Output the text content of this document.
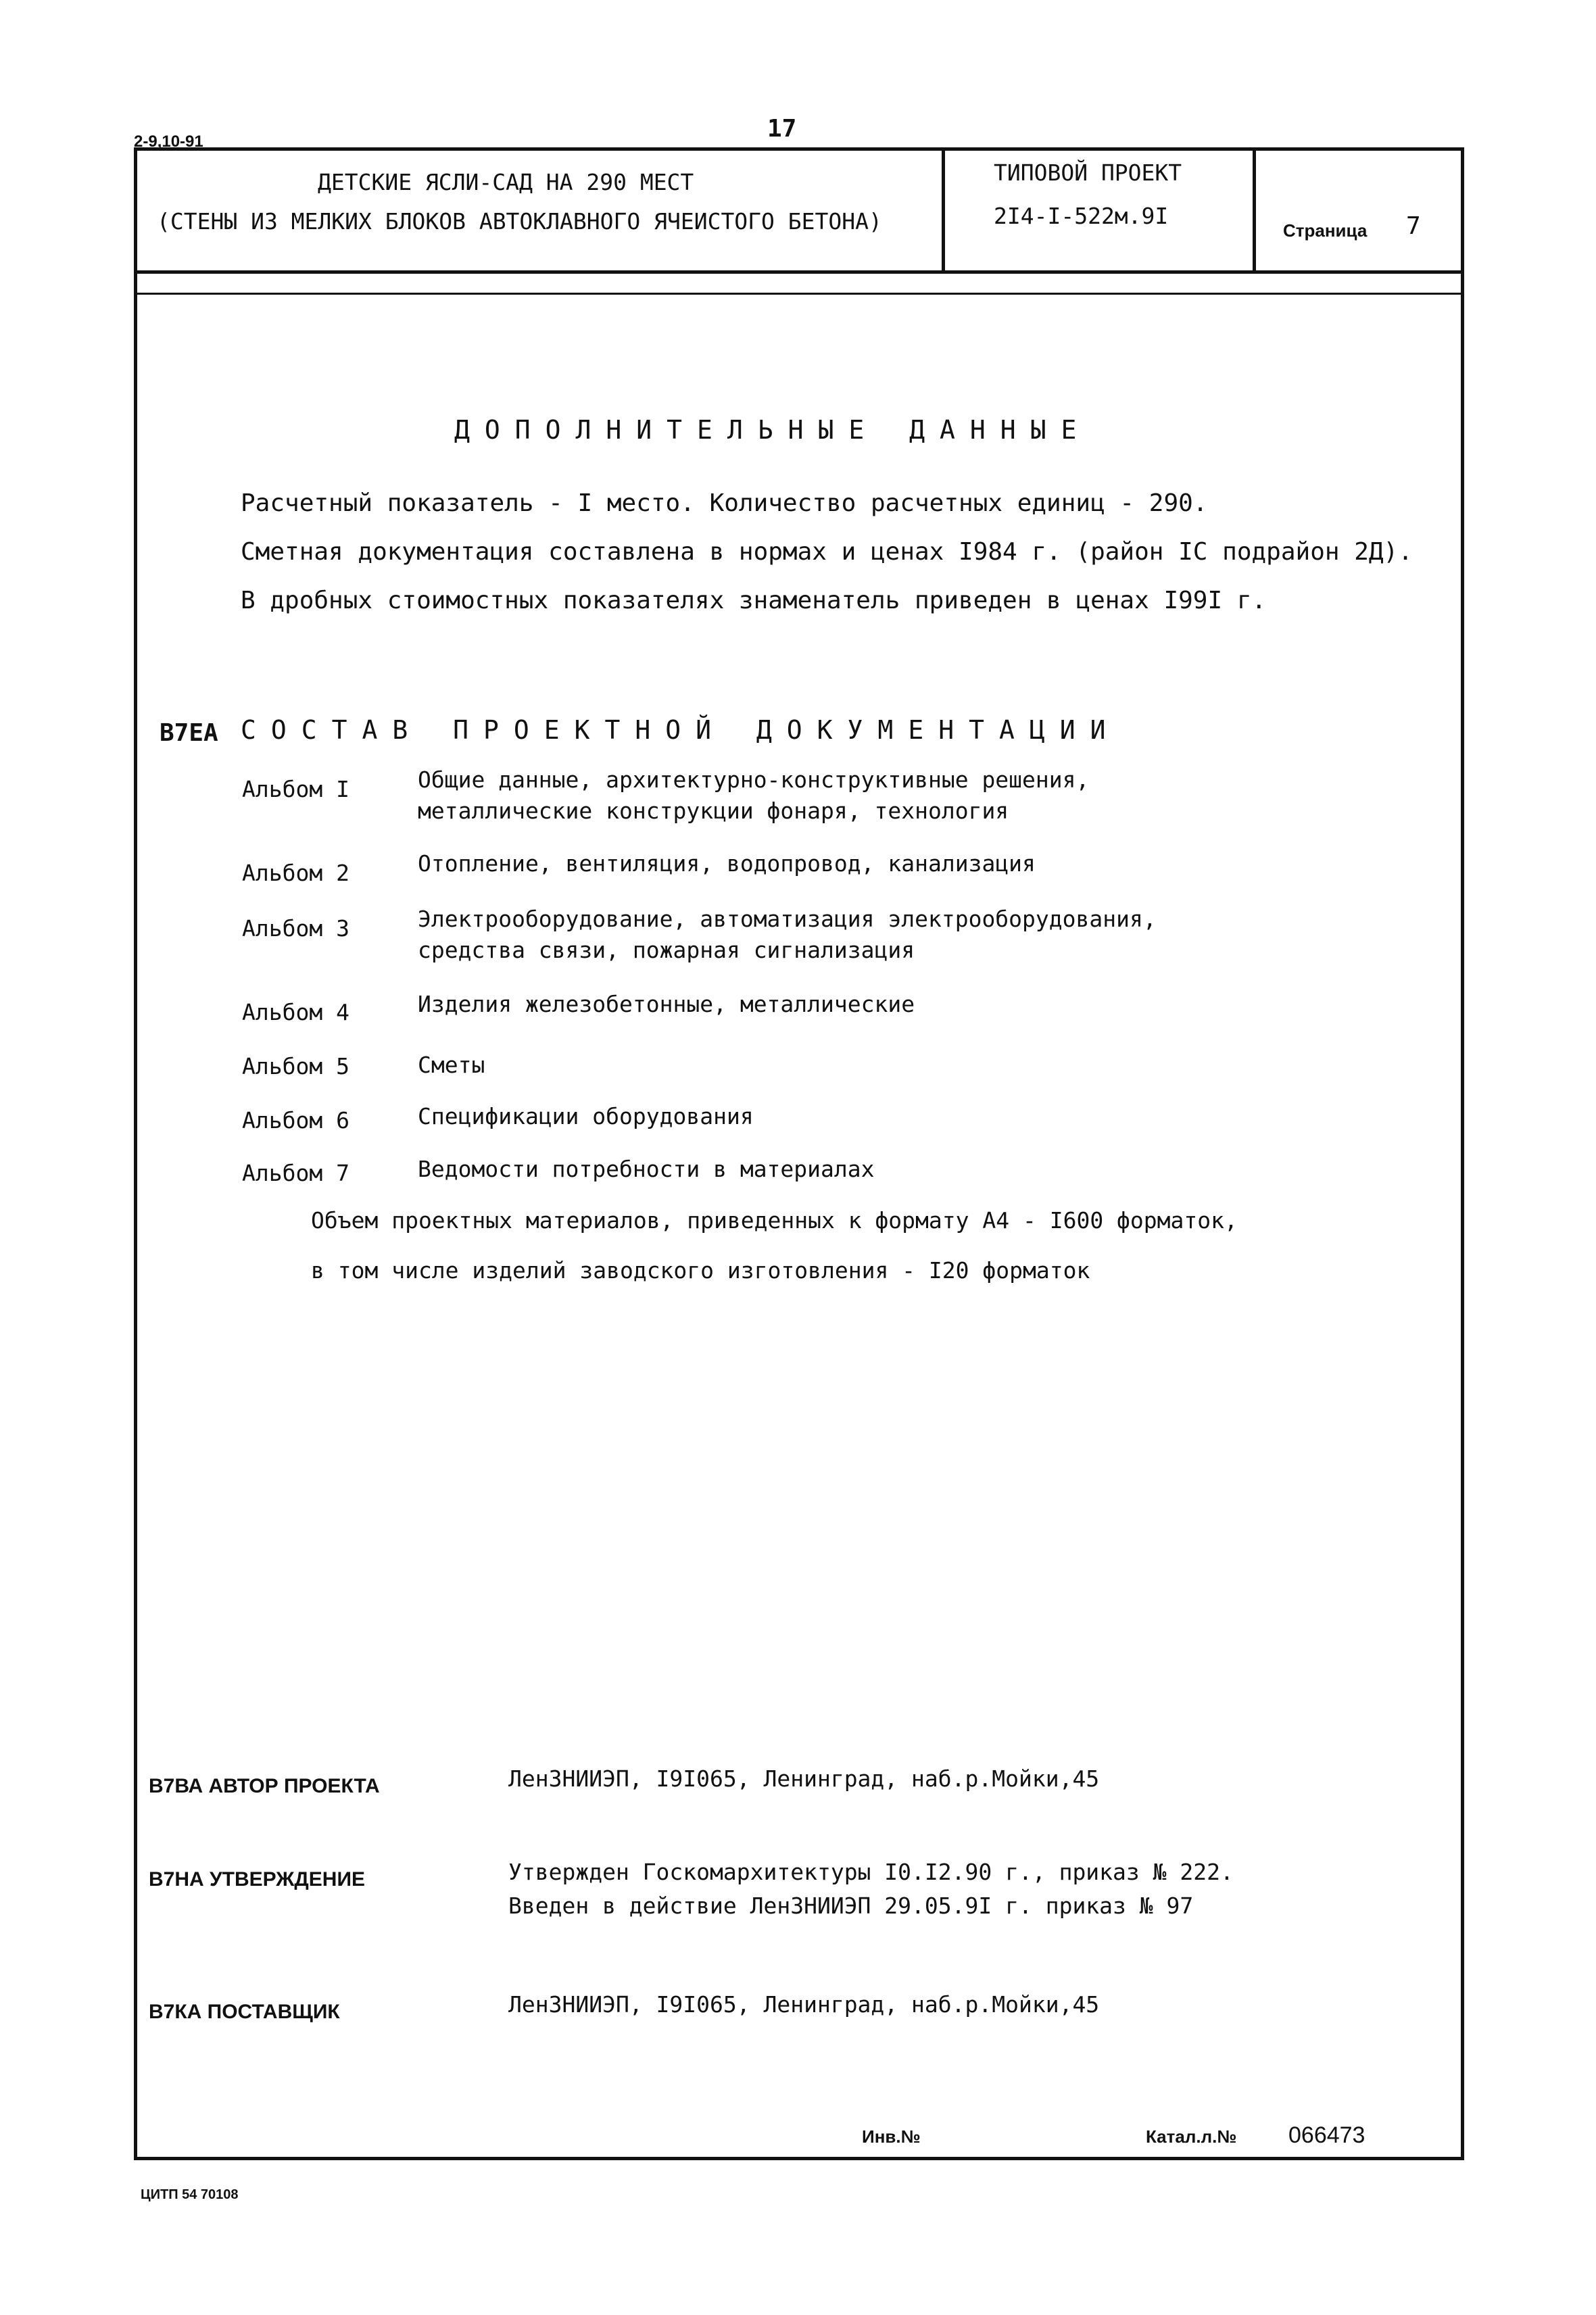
2-9,10-91	17
ДЕТСКИЕ ЯСЛИ-САД НА 290 МЕСТ
(СТЕНЫ ИЗ МЕЛКИХ БЛОКОВ АВТОКЛАВНОГО ЯЧЕИСТОГО БЕТОНА)
ТИПОВОЙ ПРОЕКТ
2I4-I-522м.9I
Страница 7
ДОПОЛНИТЕЛЬНЫЕ ДАННЫЕ
Расчетный показатель - I место. Количество расчетных единиц - 290.
Сметная документация составлена в нормах и ценах I984 г. (район IС подрайон 2Д).
В дробных стоимостных показателях знаменатель приведен в ценах I99I г.
В7ЕА СОСТАВ ПРОЕКТНОЙ ДОКУМЕНТАЦИИ
Альбом I	Общие данные, архитектурно-конструктивные решения,
металлические конструкции фонаря, технология
Альбом 2	Отопление, вентиляция, водопровод, канализация
Альбом 3	Электрооборудование, автоматизация электрооборудования,
средства связи, пожарная сигнализация
Альбом 4	Изделия железобетонные, металлические
Альбом 5	Сметы
Альбом 6	Спецификации оборудования
Альбом 7	Ведомости потребности в материалах
Объем проектных материалов, приведенных к формату А4 - I600 форматок,
в том числе изделий заводского изготовления - I20 форматок
В7ВА АВТОР ПРОЕКТА	ЛенЗНИИЭП, I9I065, Ленинград, наб.р.Мойки,45
В7НА УТВЕРЖДЕНИЕ	Утвержден Госкомархитектуры I0.I2.90 г., приказ № 222.
Введен в действие ЛенЗНИИЭП 29.05.9I г. приказ № 97
В7КА ПОСТАВЩИК	ЛенЗНИИЭП, I9I065, Ленинград, наб.р.Мойки,45
Инв.№	Катал.л.№ 066473
ЦИТП 54 70108
